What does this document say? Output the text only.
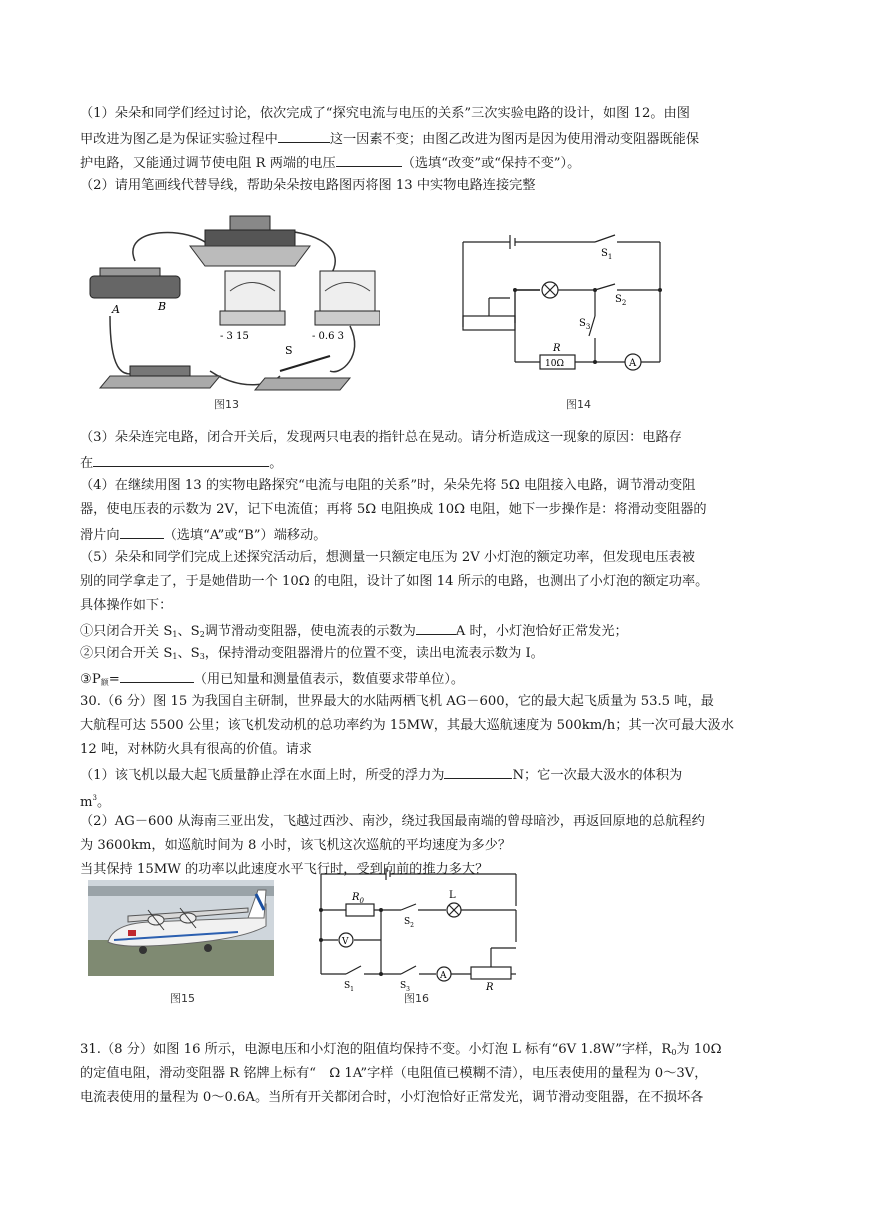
（1）朵朵和同学们经过讨论，依次完成了“探究电流与电压的关系”三次实验电路的设计，如图 12。由图
甲改进为图乙是为保证实验过程中	这一因素不变；由图乙改进为图丙是因为使用滑动变阻器既能保
护电路，又能通过调节使电阻 R 两端的电压	（选填“改变”或“保持不变”）。
（2）请用笔画线代替导线，帮助朵朵按电路图丙将图 13 中实物电路连接完整
A	B
- 3 15	- 0.6 3
S
图13
$S_1$
$S_2$
$S_3$
R
10Ω	A
图14
（3）朵朵连完电路，闭合开关后，发现两只电表的指针总在晃动。请分析造成这一现象的原因：电路存
在	。
（4）在继续用图 13 的实物电路探究“电流与电阻的关系”时，朵朵先将 5Ω 电阻接入电路，调节滑动变阻
器，使电压表的示数为 2V，记下电流值；再将 5Ω 电阻换成 10Ω 电阻，她下一步操作是：将滑动变阻器的
滑片向	（选填“A”或“B”）端移动。
（5）朵朵和同学们完成上述探究活动后，想测量一只额定电压为 2V 小灯泡的额定功率，但发现电压表被
别的同学拿走了，于是她借助一个 10Ω 的电阻，设计了如图 14 所示的电路，也测出了小灯泡的额定功率。
具体操作如下：
①只闭合开关 $S_1$、$S_2$调节滑动变阻器，使电流表的示数为	A 时，小灯泡恰好正常发光；
②只闭合开关 $S_1$、$S_3$，保持滑动变阻器滑片的位置不变，读出电流表示数为 I。
$③P_额=$	（用已知量和测量值表示，数值要求带单位）。
30.（6 分）图 15 为我国自主研制，世界最大的水陆两栖飞机 AG－600，它的最大起飞质量为 53.5 吨，最
大航程可达 5500 公里；该飞机发动机的总功率约为 15MW，其最大巡航速度为 500km/h；其一次可最大汲水
12 吨，对林防火具有很高的价值。请求
（1）该飞机以最大起飞质量静止浮在水面上时，所受的浮力为	N；它一次最大汲水的体积为
$m^3$。
（2）AG－600 从海南三亚出发，飞越过西沙、南沙，绕过我国最南端的曾母暗沙，再返回原地的总航程约
为 3600km，如巡航时间为 8 小时，该飞机这次巡航的平均速度为多少？
当其保持 15MW 的功率以此速度水平飞行时，受到向前的推力多大？
图15
$R_0$
$S_2$
L
V
A
$S_1$	$S_3$	R
图16
31.（8 分）如图 16 所示，电源电压和小灯泡的阻值均保持不变。小灯泡 L 标有“6V 1.8W”字样，$R_0$为 10Ω
的定值电阻，滑动变阻器 R 铭牌上标有“　Ω 1A”字样（电阻值已模糊不清），电压表使用的量程为 0～3V，
电流表使用的量程为 0～0.6A。当所有开关都闭合时，小灯泡恰好正常发光，调节滑动变阻器，在不损坏各
